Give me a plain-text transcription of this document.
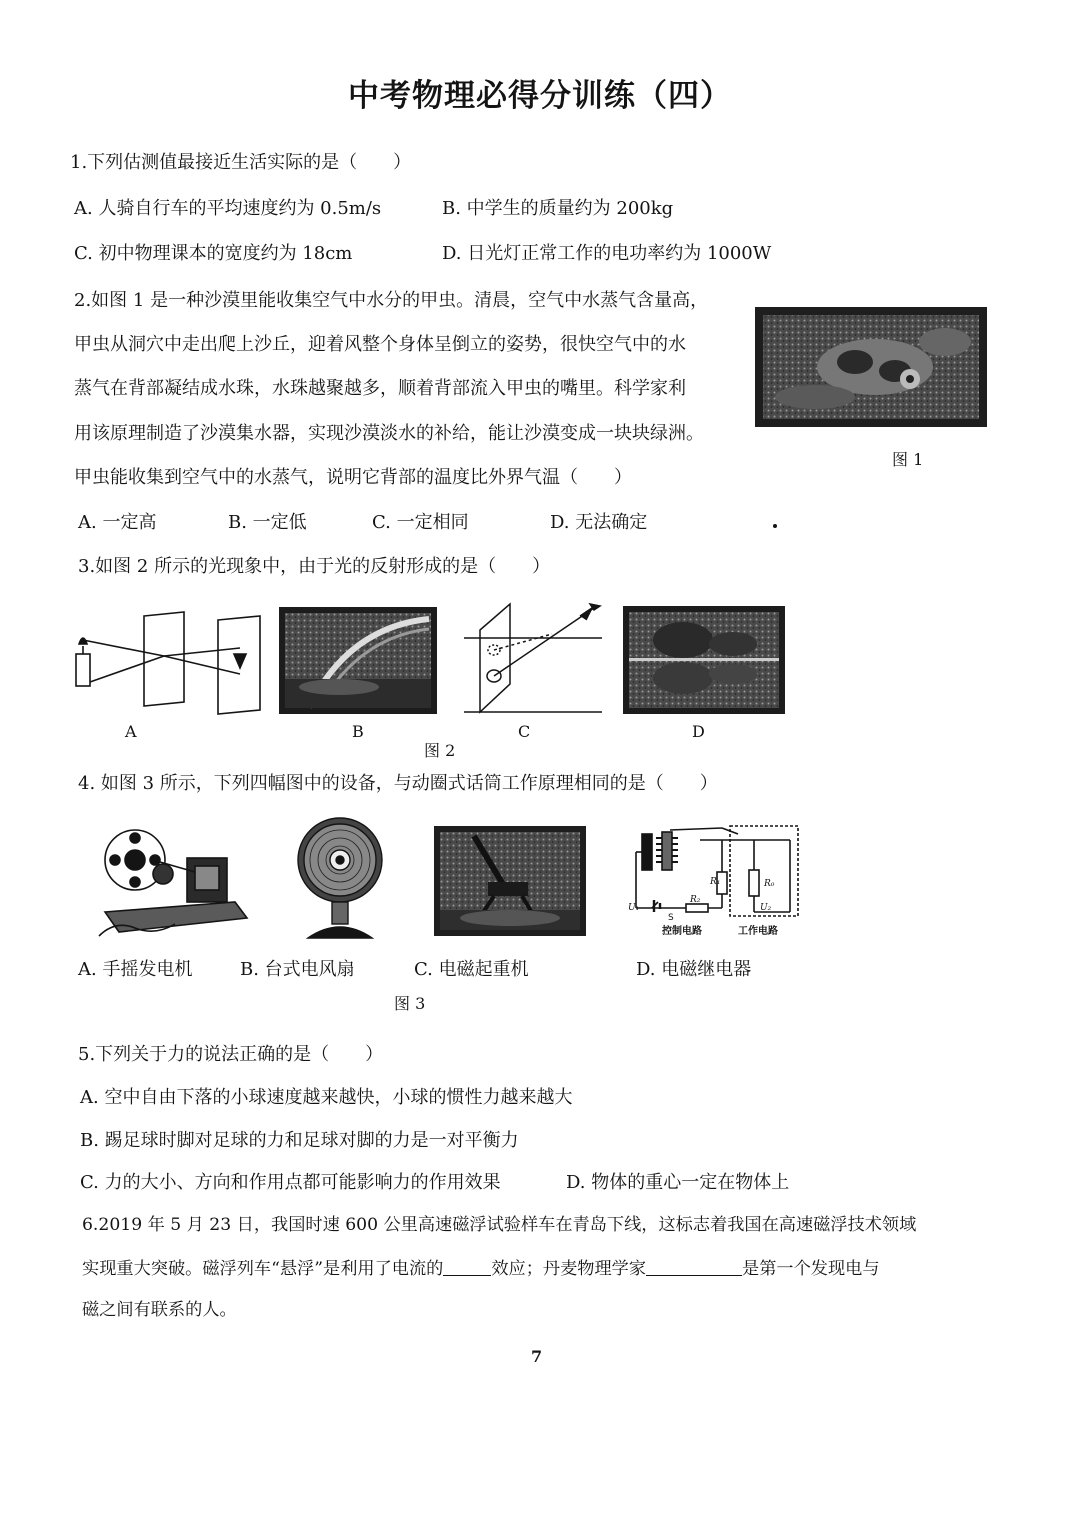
中考物理必得分训练（四）
1.下列估测值最接近生活实际的是（　　）
A. 人骑自行车的平均速度约为 0.5m/s	B. 中学生的质量约为 200kg
C. 初中物理课本的宽度约为 18cm	D. 日光灯正常工作的电功率约为 1000W
2.如图 1 是一种沙漠里能收集空气中水分的甲虫。清晨，空气中水蒸气含量高，
甲虫从洞穴中走出爬上沙丘，迎着风整个身体呈倒立的姿势，很快空气中的水
蒸气在背部凝结成水珠，水珠越聚越多，顺着背部流入甲虫的嘴里。科学家利
用该原理制造了沙漠集水器，实现沙漠淡水的补给，能让沙漠变成一块块绿洲。
甲虫能收集到空气中的水蒸气，说明它背部的温度比外界气温（　　）
图 1
A. 一定高	B. 一定低	C. 一定相同	D. 无法确定
3.如图 2 所示的光现象中，由于光的反射形成的是（　　）
A	B	C	D
图 2
4. 如图 3 所示，下列四幅图中的设备，与动圈式话筒工作原理相同的是（　　）
R₁	R₀
R₂
U₁	U₂
S
控制电路	工作电路
A. 手摇发电机	B. 台式电风扇	C. 电磁起重机	D. 电磁继电器
图 3
5.下列关于力的说法正确的是（　　）
A. 空中自由下落的小球速度越来越快，小球的惯性力越来越大
B. 踢足球时脚对足球的力和足球对脚的力是一对平衡力
C. 力的大小、方向和作用点都可能影响力的作用效果	D. 物体的重心一定在物体上
6.2019 年 5 月 23 日，我国时速 600 公里高速磁浮试验样车在青岛下线，这标志着我国在高速磁浮技术领域
实现重大突破。磁浮列车“悬浮”是利用了电流的	效应；丹麦物理学家	是第一个发现电与
磁之间有联系的人。
7
